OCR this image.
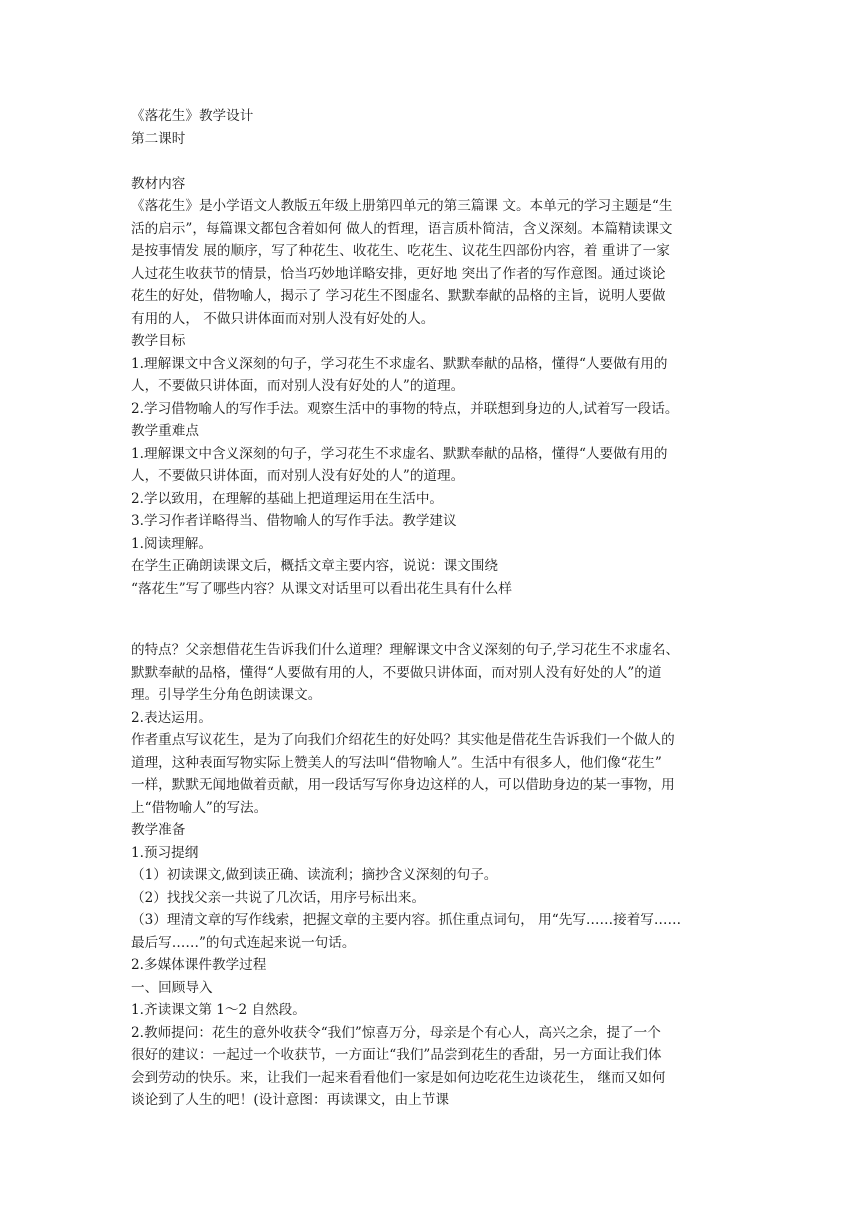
《落花生》教学设计

第二课时

教材内容

《落花生》是小学语文人教版五年级上册第四单元的第三篇课 文。本单元的学习主题是“生

活的启示”，每篇课文都包含着如何 做人的哲理，语言质朴简洁，含义深刻。本篇精读课文

是按事情发 展的顺序，写了种花生、收花生、吃花生、议花生四部份内容，着 重讲了一家

人过花生收获节的情景，恰当巧妙地详略安排，更好地 突出了作者的写作意图。通过谈论

花生的好处，借物喻人，揭示了 学习花生不图虚名、默默奉献的品格的主旨，说明人要做

有用的人， 不做只讲体面而对别人没有好处的人。

教学目标

1.理解课文中含义深刻的句子，学习花生不求虚名、默默奉献的品格，懂得“人要做有用的

人，不要做只讲体面，而对别人没有好处的人”的道理。

2.学习借物喻人的写作手法。观察生活中的事物的特点，并联想到身边的人,试着写一段话。

教学重难点

1.理解课文中含义深刻的句子，学习花生不求虚名、默默奉献的品格，懂得“人要做有用的

人，不要做只讲体面，而对别人没有好处的人”的道理。

2.学以致用，在理解的基础上把道理运用在生活中。

3.学习作者详略得当、借物喻人的写作手法。教学建议

1.阅读理解。

在学生正确朗读课文后，概括文章主要内容，说说：课文围绕

“落花生”写了哪些内容？从课文对话里可以看出花生具有什么样

的特点？父亲想借花生告诉我们什么道理？理解课文中含义深刻的句子,学习花生不求虚名、

默默奉献的品格，懂得“人要做有用的人，不要做只讲体面，而对别人没有好处的人”的道

理。引导学生分角色朗读课文。

2.表达运用。

作者重点写议花生，是为了向我们介绍花生的好处吗？其实他是借花生告诉我们一个做人的

道理，这种表面写物实际上赞美人的写法叫“借物喻人”。生活中有很多人，他们像“花生”

一样，默默无闻地做着贡献，用一段话写写你身边这样的人，可以借助身边的某一事物，用

上“借物喻人”的写法。

教学准备

1.预习提纲

（1）初读课文,做到读正确、读流利；摘抄含义深刻的句子。

（2）找找父亲一共说了几次话，用序号标出来。

（3）理清文章的写作线索，把握文章的主要内容。抓住重点词句， 用“先写……接着写……

最后写……”的句式连起来说一句话。

2.多媒体课件教学过程

一、回顾导入

1.齐读课文第 1～2 自然段。

2.教师提问：花生的意外收获令“我们”惊喜万分，母亲是个有心人，高兴之余，提了一个

很好的建议：一起过一个收获节，一方面让“我们”品尝到花生的香甜，另一方面让我们体

会到劳动的快乐。来，让我们一起来看看他们一家是如何边吃花生边谈花生， 继而又如何

谈论到了人生的吧！(设计意图：再读课文，由上节课
